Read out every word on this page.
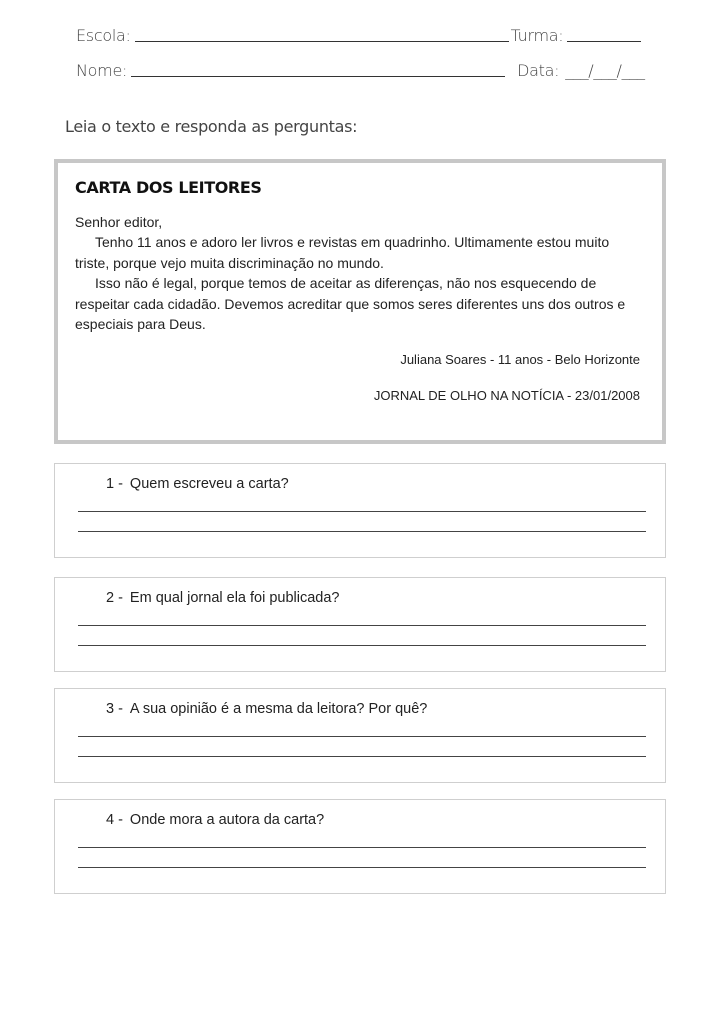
Escola:	Turma:
Nome:	Data: ___/___/___
Leia o texto e responda as perguntas:
CARTA DOS LEITORES

Senhor editor,

Tenho 11 anos e adoro ler livros e revistas em quadrinho. Ultimamente estou muito triste, porque vejo muita discriminação no mundo.

Isso não é legal, porque temos de aceitar as diferenças, não nos esquecendo de respeitar cada cidadão. Devemos acreditar que somos seres diferentes uns dos outros e especiais para Deus.

Juliana Soares - 11 anos - Belo Horizonte
JORNAL DE OLHO NA NOTÍCIA - 23/01/2008
1 - Quem escreveu a carta?
2 - Em qual jornal ela foi publicada?
3 - A sua opinião é a mesma da leitora? Por quê?
4 - Onde mora a autora da carta?
